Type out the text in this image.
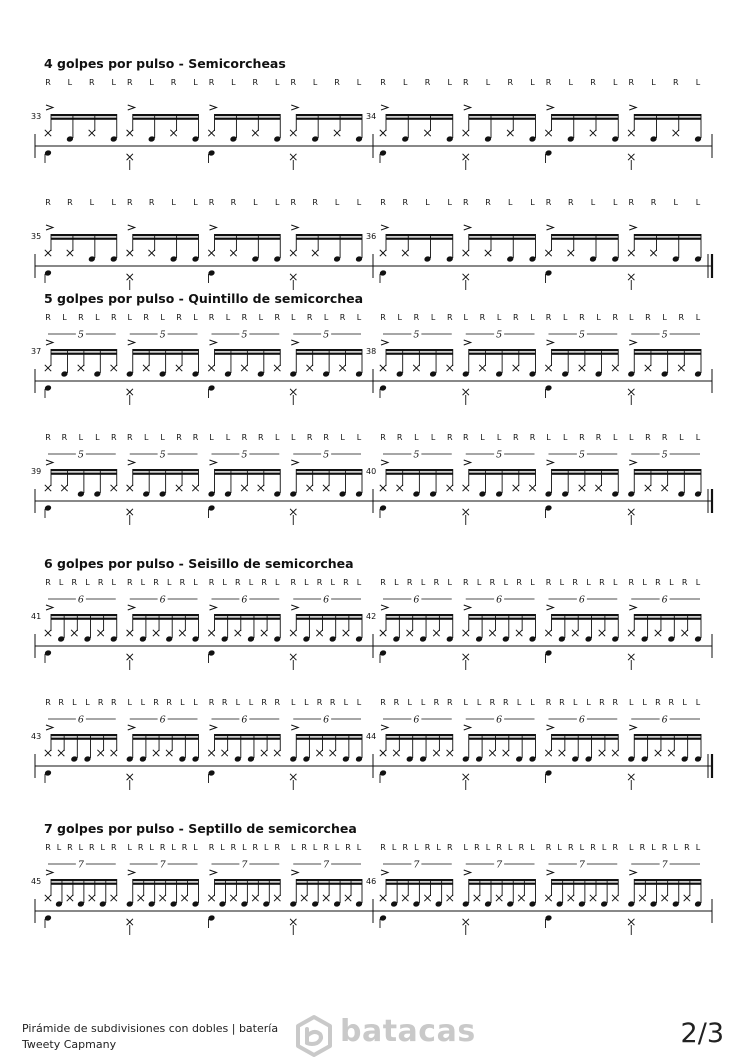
4 golpes por pulso - Semicorcheas
33
R L R L R L R L R L R L R L R L
34
R L R L R L R L R L R L R L R L
35
R R L L R R L L R R L L R R L L
36
R R L L R R L L R R L L R R L L
5 golpes por pulso - Quintillo de semicorchea
37
5
R L R L R
5
L R L R L
5
R L R L R
5
L R L R L
38
5
R L R L R
5
L R L R L
5
R L R L R
5
L R L R L
39
5
R R L L R
5
R L L R R
5
L L R R L
5
L R R L L
40
5
R R L L R
5
R L L R R
5
L L R R L
5
L R R L L
6 golpes por pulso - Seisillo de semicorchea
41
6
R L R L R L
6
R L R L R L
6
R L R L R L
6
R L R L R L
42
6
R L R L R L
6
R L R L R L
6
R L R L R L
6
R L R L R L
43
6
R R L L R R
6
L L R R L L
6
R R L L R R
6
L L R R L L
44
6
R R L L R R
6
L L R R L L
6
R R L L R R
6
L L R R L L
7 golpes por pulso - Septillo de semicorchea
45
7
R L R L R L R
7
L R L R L R L
7
R L R L R L R
7
L R L R L R L
46
7
R L R L R L R
7
L R L R L R L
7
R L R L R L R
7
L R L R L R L
Pirámide de subdivisiones con dobles | batería
Tweety Capmany	batacas	2/3
